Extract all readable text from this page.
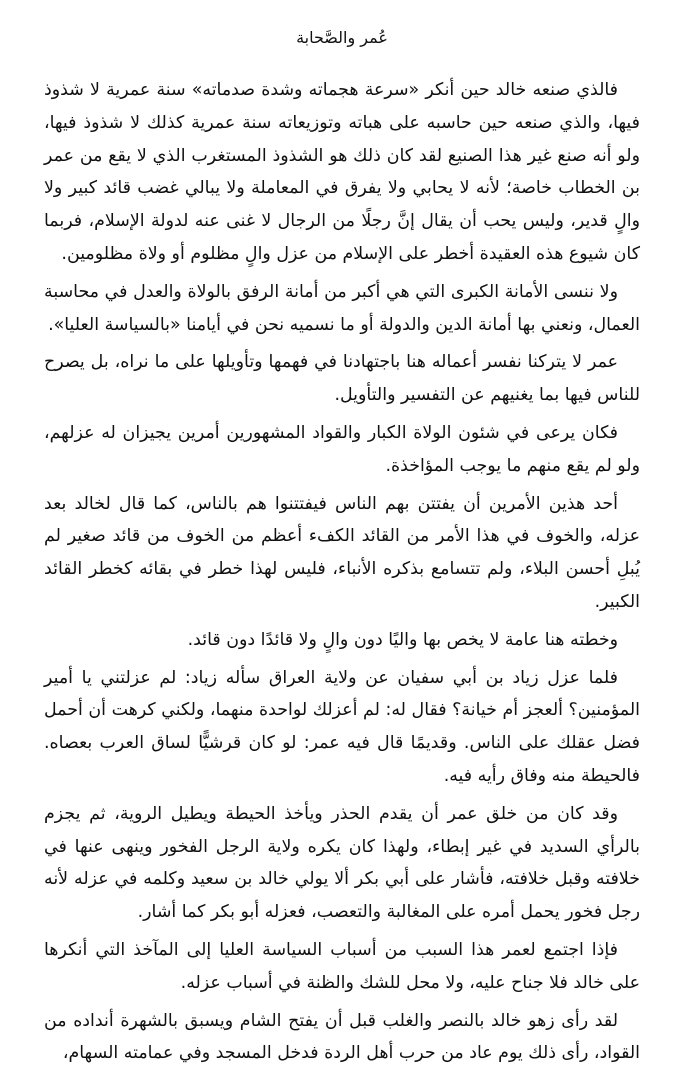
عُمر والصَّحابة

فالذي صنعه خالد حين أنكر «سرعة هجماته وشدة صدماته» سنة عمرية لا شذوذ فيها، والذي صنعه حين حاسبه على هباته وتوزيعاته سنة عمرية كذلك لا شذوذ فيها، ولو أنه صنع غير هذا الصنيع لقد كان ذلك هو الشذوذ المستغرب الذي لا يقع من عمر بن الخطاب خاصة؛ لأنه لا يحابي ولا يفرق في المعاملة ولا يبالي غضب قائد كبير ولا والٍ قدير، وليس يحب أن يقال إنَّ رجلًا من الرجال لا غنى عنه لدولة الإسلام، فربما كان شيوع هذه العقيدة أخطر على الإسلام من عزل والٍ مظلوم أو ولاة مظلومين.

ولا ننسى الأمانة الكبرى التي هي أكبر من أمانة الرفق بالولاة والعدل في محاسبة العمال، ونعني بها أمانة الدين والدولة أو ما نسميه نحن في أيامنا «بالسياسة العليا».

عمر لا يتركنا نفسر أعماله هنا باجتهادنا في فهمها وتأويلها على ما نراه، بل يصرح للناس فيها بما يغنيهم عن التفسير والتأويل.

فكان يرعى في شئون الولاة الكبار والقواد المشهورين أمرين يجيزان له عزلهم، ولو لم يقع منهم ما يوجب المؤاخذة.

أحد هذين الأمرين أن يفتتن بهم الناس فيفتتنوا هم بالناس، كما قال لخالد بعد عزله، والخوف في هذا الأمر من القائد الكفء أعظم من الخوف من قائد صغير لم يُبلِ أحسن البلاء، ولم تتسامع بذكره الأنباء، فليس لهذا خطر في بقائه كخطر القائد الكبير.

وخطته هنا عامة لا يخص بها واليًا دون والٍ ولا قائدًا دون قائد.

فلما عزل زياد بن أبي سفيان عن ولاية العراق سأله زياد: لم عزلتني يا أمير المؤمنين؟ ألعجز أم خيانة؟ فقال له: لم أعزلك لواحدة منهما، ولكني كرهت أن أحمل فضل عقلك على الناس. وقديمًا قال فيه عمر: لو كان قرشيًّا لساق العرب بعصاه. فالحيطة منه وفاق رأيه فيه.

وقد كان من خلق عمر أن يقدم الحذر ويأخذ الحيطة ويطيل الروية، ثم يجزم بالرأي السديد في غير إبطاء، ولهذا كان يكره ولاية الرجل الفخور وينهى عنها في خلافته وقبل خلافته، فأشار على أبي بكر ألا يولي خالد بن سعيد وكلمه في عزله لأنه رجل فخور يحمل أمره على المغالبة والتعصب، فعزله أبو بكر كما أشار.

فإذا اجتمع لعمر هذا السبب من أسباب السياسة العليا إلى المآخذ التي أنكرها على خالد فلا جناح عليه، ولا محل للشك والظنة في أسباب عزله.

لقد رأى زهو خالد بالنصر والغلب قبل أن يفتح الشام ويسبق بالشهرة أنداده من القواد، رأى ذلك يوم عاد من حرب أهل الردة فدخل المسجد وفي عمامته السهام،
